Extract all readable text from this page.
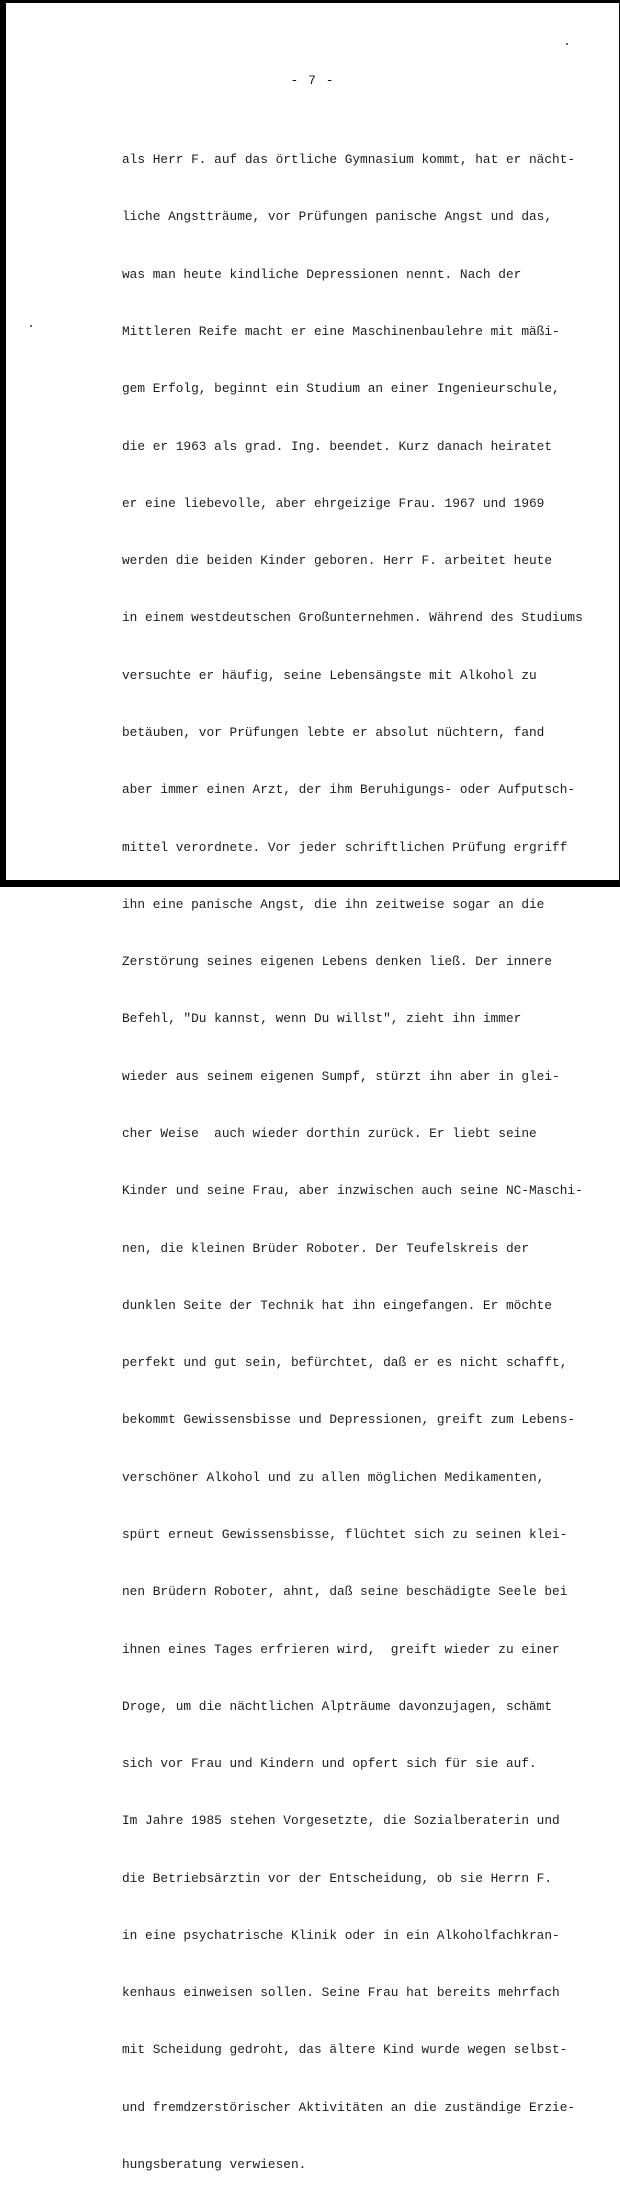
- 7 -

als Herr F. auf das örtliche Gymnasium kommt, hat er nächt-

liche Angstträume, vor Prüfungen panische Angst und das,

was man heute kindliche Depressionen nennt. Nach der

Mittleren Reife macht er eine Maschinenbaulehre mit mäßi-

gem Erfolg, beginnt ein Studium an einer Ingenieurschule,

die er 1963 als grad. Ing. beendet. Kurz danach heiratet

er eine liebevolle, aber ehrgeizige Frau. 1967 und 1969

werden die beiden Kinder geboren. Herr F. arbeitet heute

in einem westdeutschen Großunternehmen. Während des Studiums

versuchte er häufig, seine Lebensängste mit Alkohol zu

betäuben, vor Prüfungen lebte er absolut nüchtern, fand

aber immer einen Arzt, der ihm Beruhigungs- oder Aufputsch-

mittel verordnete. Vor jeder schriftlichen Prüfung ergriff

ihn eine panische Angst, die ihn zeitweise sogar an die

Zerstörung seines eigenen Lebens denken ließ. Der innere

Befehl, "Du kannst, wenn Du willst", zieht ihn immer

wieder aus seinem eigenen Sumpf, stürzt ihn aber in glei-

cher Weise  auch wieder dorthin zurück. Er liebt seine

Kinder und seine Frau, aber inzwischen auch seine NC-Maschi-

nen, die kleinen Brüder Roboter. Der Teufelskreis der

dunklen Seite der Technik hat ihn eingefangen. Er möchte

perfekt und gut sein, befürchtet, daß er es nicht schafft,

bekommt Gewissensbisse und Depressionen, greift zum Lebens-

verschöner Alkohol und zu allen möglichen Medikamenten,

spürt erneut Gewissensbisse, flüchtet sich zu seinen klei-

nen Brüdern Roboter, ahnt, daß seine beschädigte Seele bei

ihnen eines Tages erfrieren wird,  greift wieder zu einer

Droge, um die nächtlichen Alpträume davonzujagen, schämt

sich vor Frau und Kindern und opfert sich für sie auf.

Im Jahre 1985 stehen Vorgesetzte, die Sozialberaterin und

die Betriebsärztin vor der Entscheidung, ob sie Herrn F.

in eine psychatrische Klinik oder in ein Alkoholfachkran-

kenhaus einweisen sollen. Seine Frau hat bereits mehrfach

mit Scheidung gedroht, das ältere Kind wurde wegen selbst-

und fremdzerstörischer Aktivitäten an die zuständige Erzie-

hungsberatung verwiesen.
